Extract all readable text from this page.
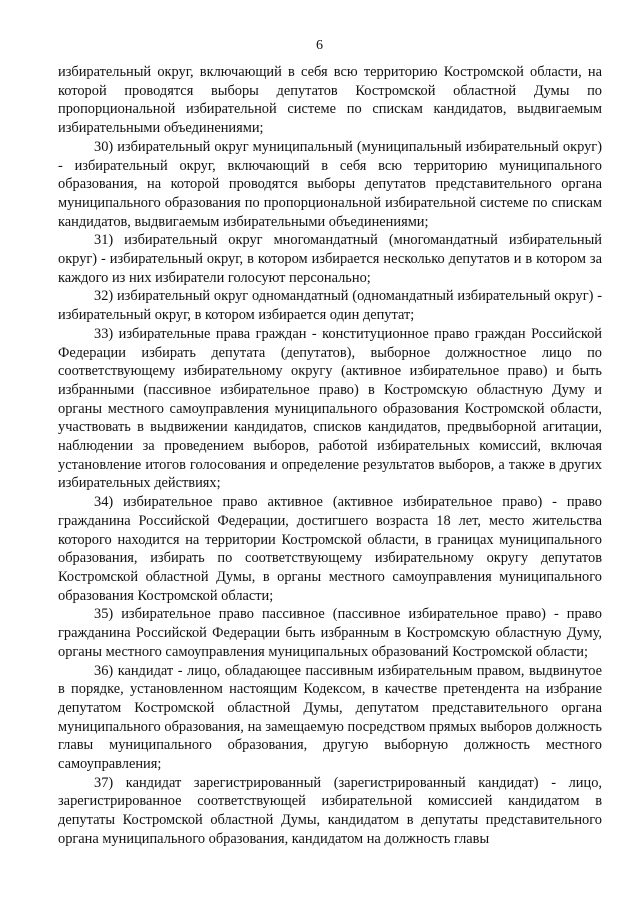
6

избирательный округ, включающий в себя всю территорию Костромской области, на которой проводятся выборы депутатов Костромской областной Думы по пропорциональной избирательной системе по спискам кандидатов, выдвигаемым избирательными объединениями;

30) избирательный округ муниципальный (муниципальный избирательный округ) - избирательный округ, включающий в себя всю территорию муниципального образования, на которой проводятся выборы депутатов представительного органа муниципального образования по пропорциональной избирательной системе по спискам кандидатов, выдвигаемым избирательными объединениями;

31) избирательный округ многомандатный (многомандатный избирательный округ) - избирательный округ, в котором избирается несколько депутатов и в котором за каждого из них избиратели голосуют персонально;

32) избирательный округ одномандатный (одномандатный избирательный округ) - избирательный округ, в котором избирается один депутат;

33) избирательные права граждан - конституционное право граждан Российской Федерации избирать депутата (депутатов), выборное должностное лицо по соответствующему избирательному округу (активное избирательное право) и быть избранными (пассивное избирательное право) в Костромскую областную Думу и органы местного самоуправления муниципального образования Костромской области, участвовать в выдвижении кандидатов, списков кандидатов, предвыборной агитации, наблюдении за проведением выборов, работой избирательных комиссий, включая установление итогов голосования и определение результатов выборов, а также в других избирательных действиях;

34) избирательное право активное (активное избирательное право) - право гражданина Российской Федерации, достигшего возраста 18 лет, место жительства которого находится на территории Костромской области, в границах муниципального образования, избирать по соответствующему избирательному округу депутатов Костромской областной Думы, в органы местного самоуправления муниципального образования Костромской области;

35) избирательное право пассивное (пассивное избирательное право) - право гражданина Российской Федерации быть избранным в Костромскую областную Думу, органы местного самоуправления муниципальных образований Костромской области;

36) кандидат - лицо, обладающее пассивным избирательным правом, выдвинутое в порядке, установленном настоящим Кодексом, в качестве претендента на избрание депутатом Костромской областной Думы, депутатом представительного органа муниципального образования, на замещаемую посредством прямых выборов должность главы муниципального образования, другую выборную должность местного самоуправления;

37) кандидат зарегистрированный (зарегистрированный кандидат) - лицо, зарегистрированное соответствующей избирательной комиссией кандидатом в депутаты Костромской областной Думы, кандидатом в депутаты представительного органа муниципального образования, кандидатом на должность главы
